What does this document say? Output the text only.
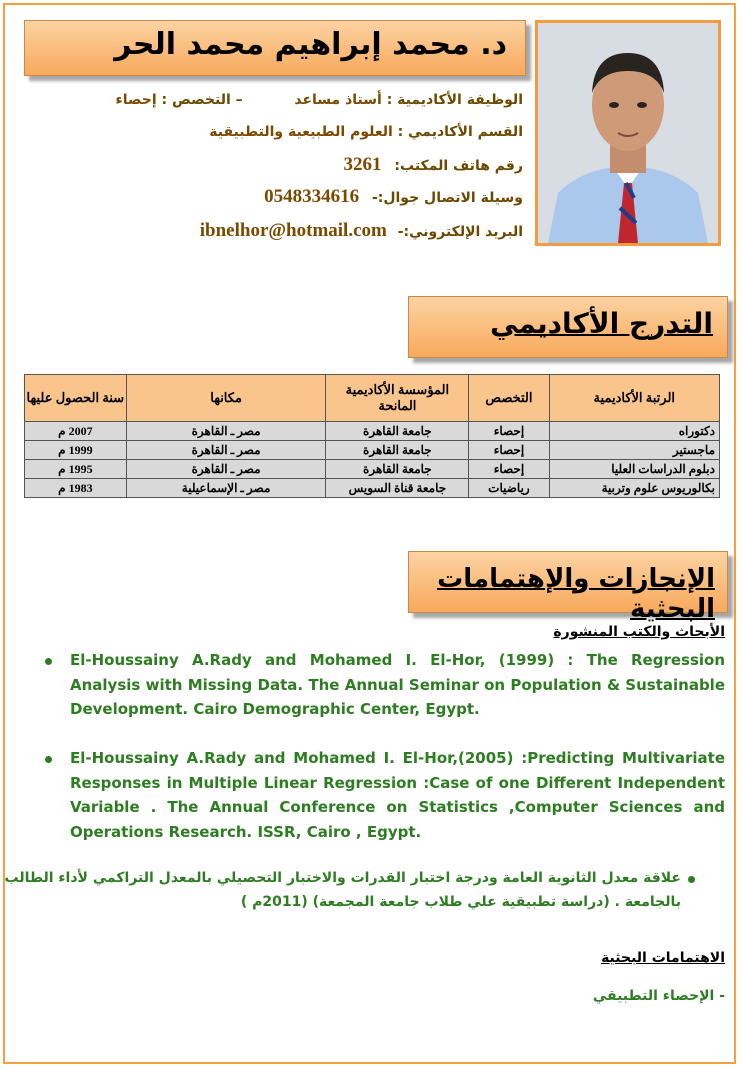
د. محمد إبراهيم محمد الحر
الوظيفة الأكاديمية : أستاذ مساعد  – التخصص : إحصاء
القسم الأكاديمي : العلوم الطبيعية والتطبيقية
رقم هاتف المكتب: 3261
وسيلة الاتصال جوال:- 0548334616
البريد الإلكتروني:- ibnelhor@hotmail.com
التدرج الأكاديمي
الرتبة الأكاديمية	التخصص	المؤسسة الأكاديمية المانحة	مكانها	سنة الحصول عليها
دكتوراه	إحصاء	جامعة القاهرة	مصر ـ القاهرة	2007 م
ماجستير	إحصاء	جامعة القاهرة	مصر ـ القاهرة	1999 م
دبلوم الدراسات العليا	إحصاء	جامعة القاهرة	مصر ـ القاهرة	1995 م
بكالوريوس علوم وتربية	رياضيات	جامعة قناة السويس	مصر ـ الإسماعيلية	1983 م
الإنجازات والإهتمامات البحثية
الأبحاث والكتب المنشورة
El-Houssainy A.Rady and Mohamed I. El-Hor, (1999) : The Regression Analysis with Missing Data. The Annual Seminar on Population & Sustainable Development. Cairo Demographic Center, Egypt.
El-Houssainy A.Rady and Mohamed I. El-Hor,(2005) :Predicting Multivariate Responses in Multiple Linear Regression :Case of one Different Independent Variable . The Annual Conference on Statistics ,Computer Sciences and Operations Research. ISSR, Cairo , Egypt.
علاقة معدل الثانوية العامة ودرجة اختبار القدرات والاختبار التحصيلي بالمعدل التراكمي لأداء الطالب بالجامعة . (دراسة تطبيقية علي طلاب جامعة المجمعة) (2011م )
الاهتمامات البحثية
- الإحصاء التطبيقي
